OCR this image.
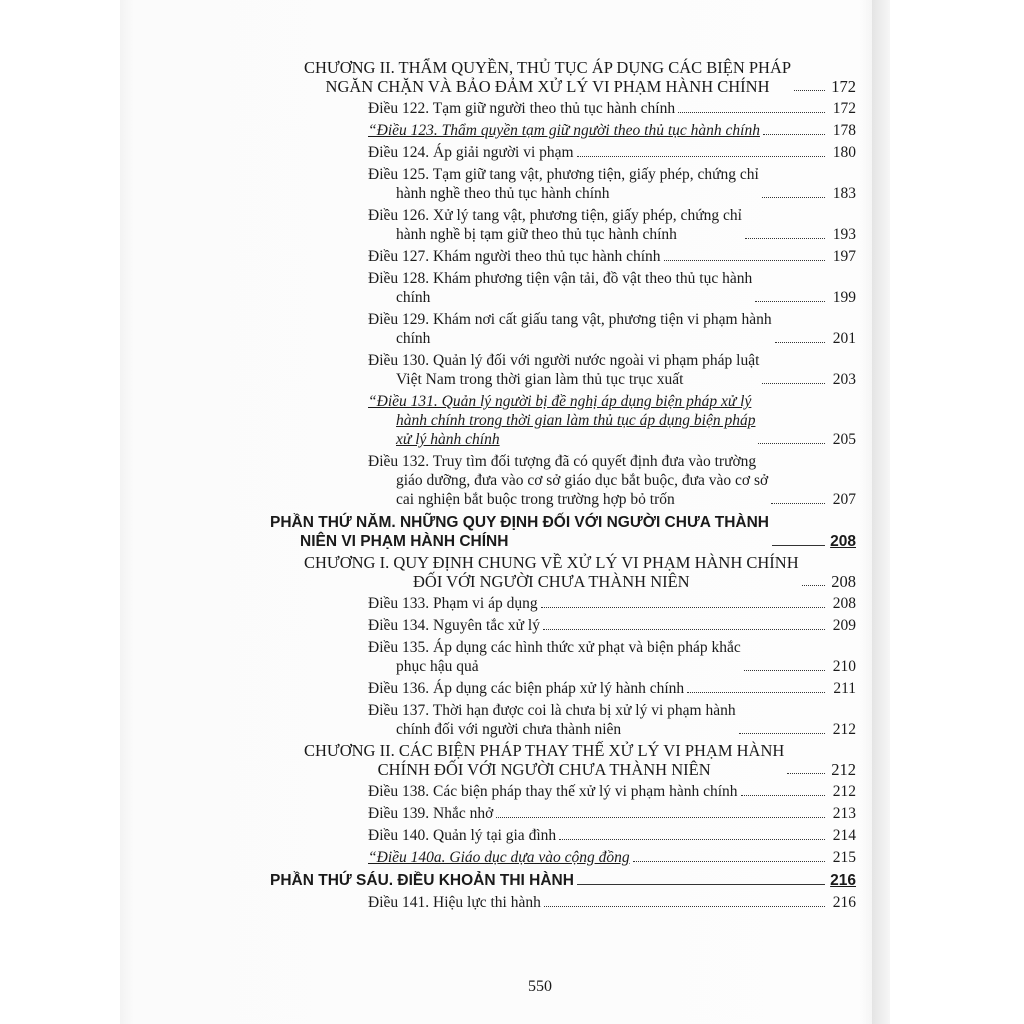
CHƯƠNG II. THẨM QUYỀN, THỦ TỤC ÁP DỤNG CÁC BIỆN PHÁP
NGĂN CHẶN VÀ BẢO ĐẢM XỬ LÝ VI PHẠM HÀNH CHÍNH	172
Điều 122. Tạm giữ người theo thủ tục hành chính	172
“Điều 123. Thẩm quyền tạm giữ người theo thủ tục hành chính	178
Điều 124. Áp giải người vi phạm	180
Điều 125. Tạm giữ tang vật, phương tiện, giấy phép, chứng chỉ
hành nghề theo thủ tục hành chính	183
Điều 126. Xử lý tang vật, phương tiện, giấy phép, chứng chỉ
hành nghề bị tạm giữ theo thủ tục hành chính	193
Điều 127. Khám người theo thủ tục hành chính	197
Điều 128. Khám phương tiện vận tải, đồ vật theo thủ tục hành
chính	199
Điều 129. Khám nơi cất giấu tang vật, phương tiện vi phạm hành
chính	201
Điều 130. Quản lý đối với người nước ngoài vi phạm pháp luật
Việt Nam trong thời gian làm thủ tục trục xuất	203
“Điều 131. Quản lý người bị đề nghị áp dụng biện pháp xử lý
hành chính trong thời gian làm thủ tục áp dụng biện pháp
xử lý hành chính	205
Điều 132. Truy tìm đối tượng đã có quyết định đưa vào trường
giáo dưỡng, đưa vào cơ sở giáo dục bắt buộc, đưa vào cơ sở
cai nghiện bắt buộc trong trường hợp bỏ trốn	207
PHẦN THỨ NĂM. NHỮNG QUY ĐỊNH ĐỐI VỚI NGƯỜI CHƯA THÀNH
NIÊN VI PHẠM HÀNH CHÍNH	208
CHƯƠNG I. QUY ĐỊNH CHUNG VỀ XỬ LÝ VI PHẠM HÀNH CHÍNH
ĐỐI VỚI NGƯỜI CHƯA THÀNH NIÊN	208
Điều 133. Phạm vi áp dụng	208
Điều 134. Nguyên tắc xử lý	209
Điều 135. Áp dụng các hình thức xử phạt và biện pháp khắc
phục hậu quả	210
Điều 136. Áp dụng các biện pháp xử lý hành chính	211
Điều 137. Thời hạn được coi là chưa bị xử lý vi phạm hành
chính đối với người chưa thành niên	212
CHƯƠNG II. CÁC BIỆN PHÁP THAY THẾ XỬ LÝ VI PHẠM HÀNH
CHÍNH ĐỐI VỚI NGƯỜI CHƯA THÀNH NIÊN	212
Điều 138. Các biện pháp thay thế xử lý vi phạm hành chính	212
Điều 139. Nhắc nhở	213
Điều 140. Quản lý tại gia đình	214
“Điều 140a. Giáo dục dựa vào cộng đồng	215
PHẦN THỨ SÁU. ĐIỀU KHOẢN THI HÀNH	216
Điều 141. Hiệu lực thi hành	216
550
